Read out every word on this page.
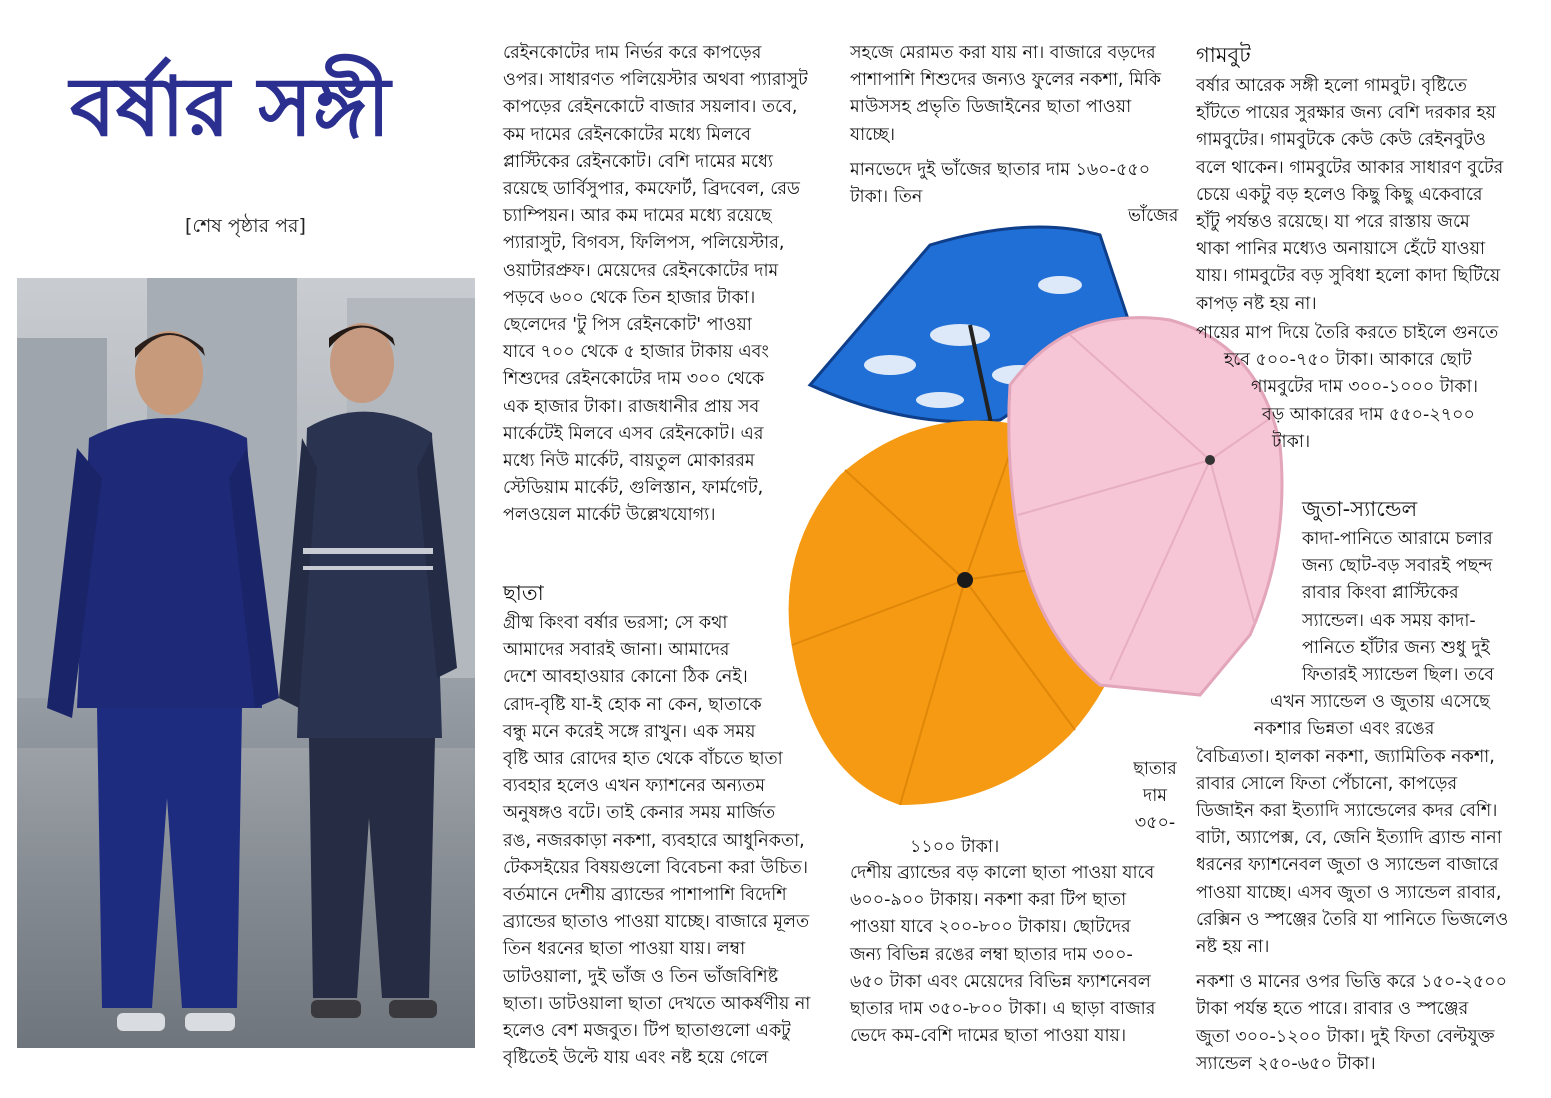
বর্ষার সঙ্গী
[শেষ পৃষ্ঠার পর]

রেইনকোটের দাম নির্ভর করে কাপড়ের

ওপর। সাধারণত পলিয়েস্টার অথবা প্যারাসুট

কাপড়ের রেইনকোটে বাজার সয়লাব। তবে,

কম দামের রেইনকোটের মধ্যে মিলবে

প্লাস্টিকের রেইনকোট। বেশি দামের মধ্যে

রয়েছে ডার্বিসুপার, কমফোর্ট, ব্রিদবেল, রেড

চ্যাম্পিয়ন। আর কম দামের মধ্যে রয়েছে

প্যারাসুট, বিগবস, ফিলিপস, পলিয়েস্টার,

ওয়াটারপ্রুফ। মেয়েদের রেইনকোটের দাম

পড়বে ৬০০ থেকে তিন হাজার টাকা।

ছেলেদের 'টু পিস রেইনকোট' পাওয়া

যাবে ৭০০ থেকে ৫ হাজার টাকায় এবং

শিশুদের রেইনকোটের দাম ৩০০ থেকে

এক হাজার টাকা। রাজধানীর প্রায় সব

মার্কেটেই মিলবে এসব রেইনকোট। এর

মধ্যে নিউ মার্কেট, বায়তুল মোকাররম

স্টেডিয়াম মার্কেট, গুলিস্তান, ফার্মগেট,

পলওয়েল মার্কেট উল্লেখযোগ্য।

ছাতা

গ্রীষ্ম কিংবা বর্ষার ভরসা; সে কথা

আমাদের সবারই জানা। আমাদের

দেশে আবহাওয়ার কোনো ঠিক নেই।

রোদ-বৃষ্টি যা-ই হোক না কেন, ছাতাকে

বন্ধু মনে করেই সঙ্গে রাখুন। এক সময়

বৃষ্টি আর রোদের হাত থেকে বাঁচতে ছাতা

ব্যবহার হলেও এখন ফ্যাশনের অন্যতম

অনুষঙ্গও বটে। তাই কেনার সময় মার্জিত

রঙ, নজরকাড়া নকশা, ব্যবহারে আধুনিকতা,

টেকসইয়ের বিষয়গুলো বিবেচনা করা উচিত।

বর্তমানে দেশীয় ব্র্যান্ডের পাশাপাশি বিদেশি

ব্র্যান্ডের ছাতাও পাওয়া যাচ্ছে। বাজারে মূলত

তিন ধরনের ছাতা পাওয়া যায়। লম্বা

ডাটওয়ালা, দুই ভাঁজ ও তিন ভাঁজবিশিষ্ট

ছাতা। ডাটওয়ালা ছাতা দেখতে আকর্ষণীয় না

হলেও বেশ মজবুত। টিপ ছাতাগুলো একটু

বৃষ্টিতেই উল্টে যায় এবং নষ্ট হয়ে গেলে

সহজে মেরামত করা যায় না। বাজারে বড়দের

পাশাপাশি শিশুদের জন্যও ফুলের নকশা, মিকি

মাউসসহ প্রভৃতি ডিজাইনের ছাতা পাওয়া

যাচ্ছে।

মানভেদে দুই ভাঁজের ছাতার দাম ১৬০-৫৫০

টাকা। তিন

ভাঁজের
ছাতার
দাম
৩৫০-
১১০০ টাকা।

দেশীয় ব্র্যান্ডের বড় কালো ছাতা পাওয়া যাবে

৬০০-৯০০ টাকায়। নকশা করা টিপ ছাতা

পাওয়া যাবে ২০০-৮০০ টাকায়। ছোটদের

জন্য বিভিন্ন রঙের লম্বা ছাতার দাম ৩০০-

৬৫০ টাকা এবং মেয়েদের বিভিন্ন ফ্যাশনেবল

ছাতার দাম ৩৫০-৮০০ টাকা। এ ছাড়া বাজার

ভেদে কম-বেশি দামের ছাতা পাওয়া যায়।

গামবুট

বর্ষার আরেক সঙ্গী হলো গামবুট। বৃষ্টিতে

হাঁটতে পায়ের সুরক্ষার জন্য বেশি দরকার হয়

গামবুটের। গামবুটকে কেউ কেউ রেইনবুটও

বলে থাকেন। গামবুটের আকার সাধারণ বুটের

চেয়ে একটু বড় হলেও কিছু কিছু একেবারে

হাঁটু পর্যন্তও রয়েছে। যা পরে রাস্তায় জমে

থাকা পানির মধ্যেও অনায়াসে হেঁটে যাওয়া

যায়। গামবুটের বড় সুবিধা হলো কাদা ছিটিয়ে

কাপড় নষ্ট হয় না।

পায়ের মাপ দিয়ে তৈরি করতে চাইলে গুনতে

হবে ৫০০-৭৫০ টাকা। আকারে ছোট

গামবুটের দাম ৩০০-১০০০ টাকা।

বড় আকারের দাম ৫৫০-২৭০০

টাকা।

জুতা-স্যান্ডেল

কাদা-পানিতে আরামে চলার

জন্য ছোট-বড় সবারই পছন্দ

রাবার কিংবা প্লাস্টিকের

স্যান্ডেল। এক সময় কাদা-

পানিতে হাঁটার জন্য শুধু দুই

ফিতারই স্যান্ডেল ছিল। তবে

এখন স্যান্ডেল ও জুতায় এসেছে

নকশার ভিন্নতা এবং রঙের

বৈচিত্র্যতা। হালকা নকশা, জ্যামিতিক নকশা,

রাবার সোলে ফিতা পেঁচানো, কাপড়ের

ডিজাইন করা ইত্যাদি স্যান্ডেলের কদর বেশি।

বাটা, অ্যাপেক্স, বে, জেনি ইত্যাদি ব্র্যান্ড নানা

ধরনের ফ্যাশনেবল জুতা ও স্যান্ডেল বাজারে

পাওয়া যাচ্ছে। এসব জুতা ও স্যান্ডেল রাবার,

রেক্সিন ও স্পঞ্জের তৈরি যা পানিতে ভিজলেও

নষ্ট হয় না।

নকশা ও মানের ওপর ভিত্তি করে ১৫০-২৫০০

টাকা পর্যন্ত হতে পারে। রাবার ও স্পঞ্জের

জুতা ৩০০-১২০০ টাকা। দুই ফিতা বেল্টযুক্ত

স্যান্ডেল ২৫০-৬৫০ টাকা।
